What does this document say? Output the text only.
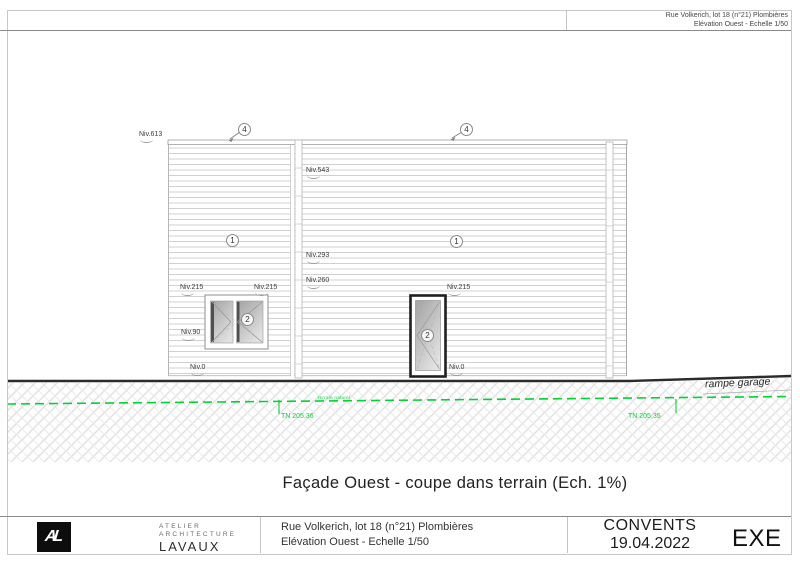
Rue Volkerich, lot 18 (n°21) Plombières
Elévation Ouest - Echelle 1/50
Niv.613
Niv.543
Niv.293
Niv.260
Niv.215	Niv.215
Niv.90
Niv.0
Niv.215
Niv.0
4	4
1	1
2
2
TN 205,36	TN 205,35
terrain naturel
rampe garage
Façade Ouest - coupe dans terrain (Ech. 1%)
AL
ATELIER
ARCHITECTURE
LAVAUX
Rue Volkerich, lot 18 (n°21) Plombières
Elévation Ouest - Echelle 1/50
CONVENTS
19.04.2022	EXE
